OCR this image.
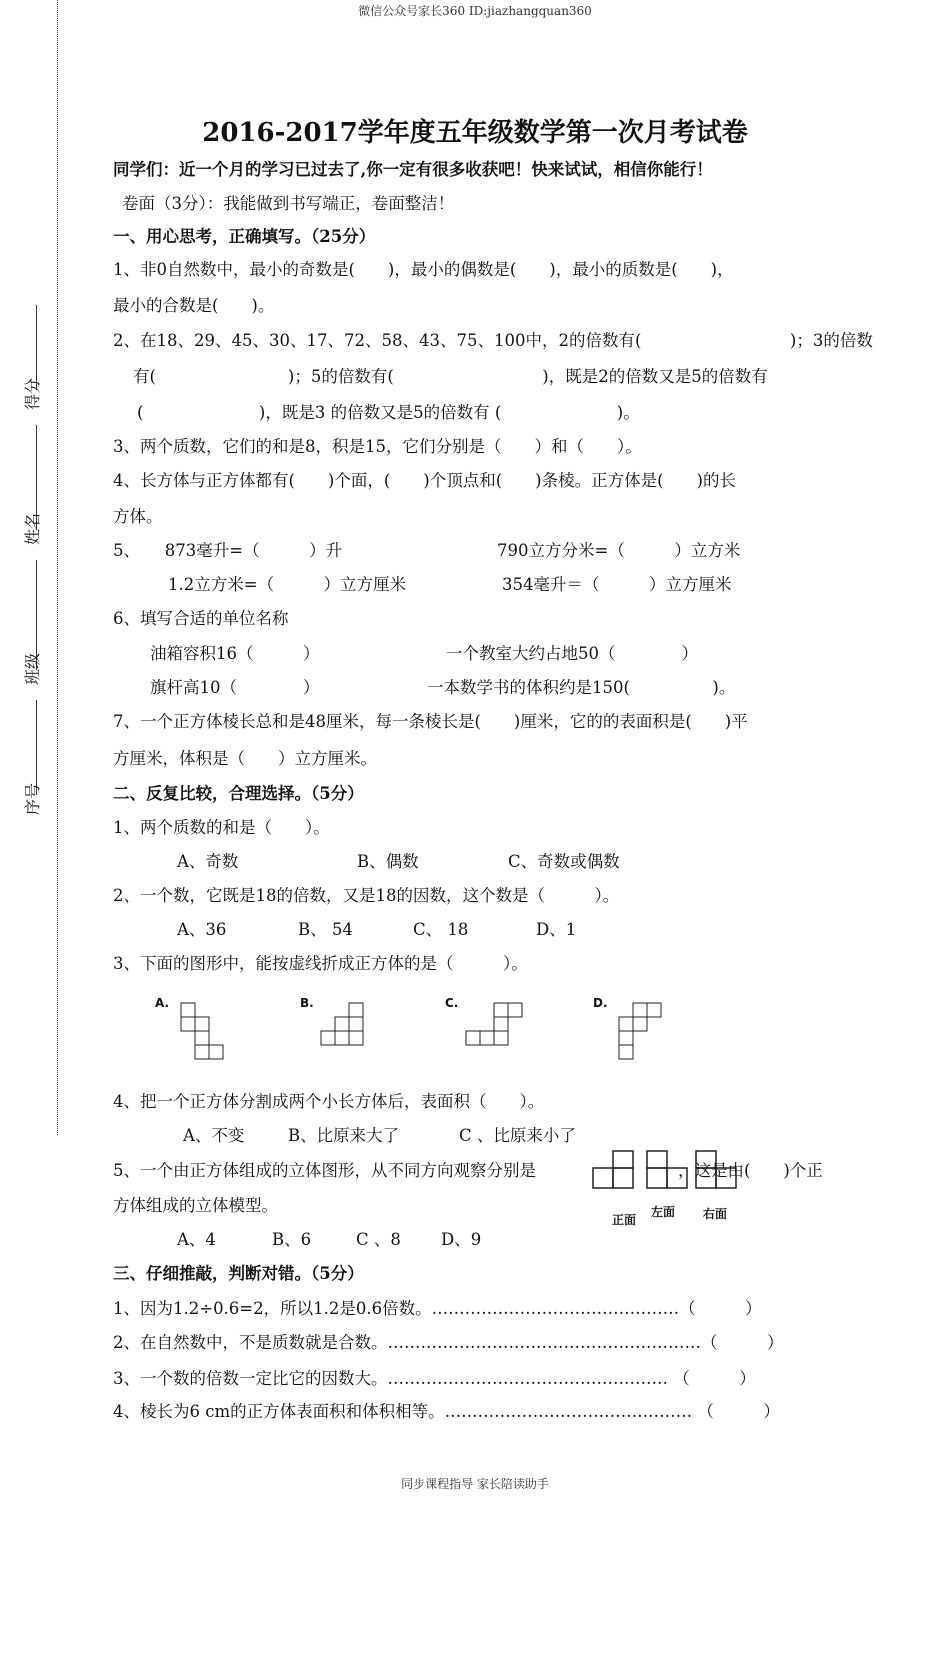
微信公众号家长360 ID:jiazhangquan360
得分
姓名
班级
序号
2016-2017学年度五年级数学第一次月考试卷
同学们：近一个月的学习已过去了,你一定有很多收获吧！快来试试，相信你能行！
卷面（3分）：我能做到书写端正，卷面整洁！
一、用心思考，正确填写。（25分）
1、非0自然数中，最小的奇数是(　　)，最小的偶数是(　　)，最小的质数是(　　)，
最小的合数是(　　)。
2、在18、29、45、30、17、72、58、43、75、100中，2的倍数有(　　　　　　　　　)；3的倍数
有(　　　　　　　　)；5的倍数有(　　　　　　　　　)，既是2的倍数又是5的倍数有
(　　　　　　　)，既是3 的倍数又是5的倍数有 (　　　　　　　)。
3、两个质数，它们的和是8，积是15，它们分别是（　　）和（　　）。
4、长方体与正方体都有(　　)个面，(　　)个顶点和(　　)条棱。正方体是(　　)的长
方体。
5、　　873毫升=（　　　）升	790立方分米=（　　　）立方米
1.2立方米=（　　　）立方厘米	354毫升＝（　　　）立方厘米
6、填写合适的单位名称
油箱容积16（　　　）	一个教室大约占地50（　　　　）
旗杆高10（　　　　）	一本数学书的体积约是150(　　　　　)。
7、一个正方体棱长总和是48厘米，每一条棱长是(　　)厘米，它的的表面积是(　　)平
方厘米，体积是（　　）立方厘米。
二、反复比较，合理选择。（5分）
1、两个质数的和是（　　）。
A、奇数	B、偶数	C、奇数或偶数
2、一个数，它既是18的倍数，又是18的因数，这个数是（　　　）。
A、36	B、 54	C、 18	D、1
3、下面的图形中，能按虚线折成正方体的是（　　　）。
A.	B.	C.	D.
4、把一个正方体分割成两个小长方体后，表面积（　　）。
A、不变	B、比原来大了	C 、比原来小了
5、一个由正方体组成的立体图形，从不同方向观察分别是
正面
左面 右面
，这是由(　　)个正
方体组成的立体模型。
A、4	B、6	C 、8 D、9
三、仔细推敲，判断对错。（5分）
1、因为1.2÷0.6=2，所以1.2是0.6倍数。………………………………………（　　　）
2、在自然数中，不是质数就是合数。…………………………………………………（　　　）
3、一个数的倍数一定比它的因数大。…………………………………………… （　　　）
4、棱长为6 cm的正方体表面积和体积相等。……………………………………… （　　　）
同步课程指导 家长陪读助手
